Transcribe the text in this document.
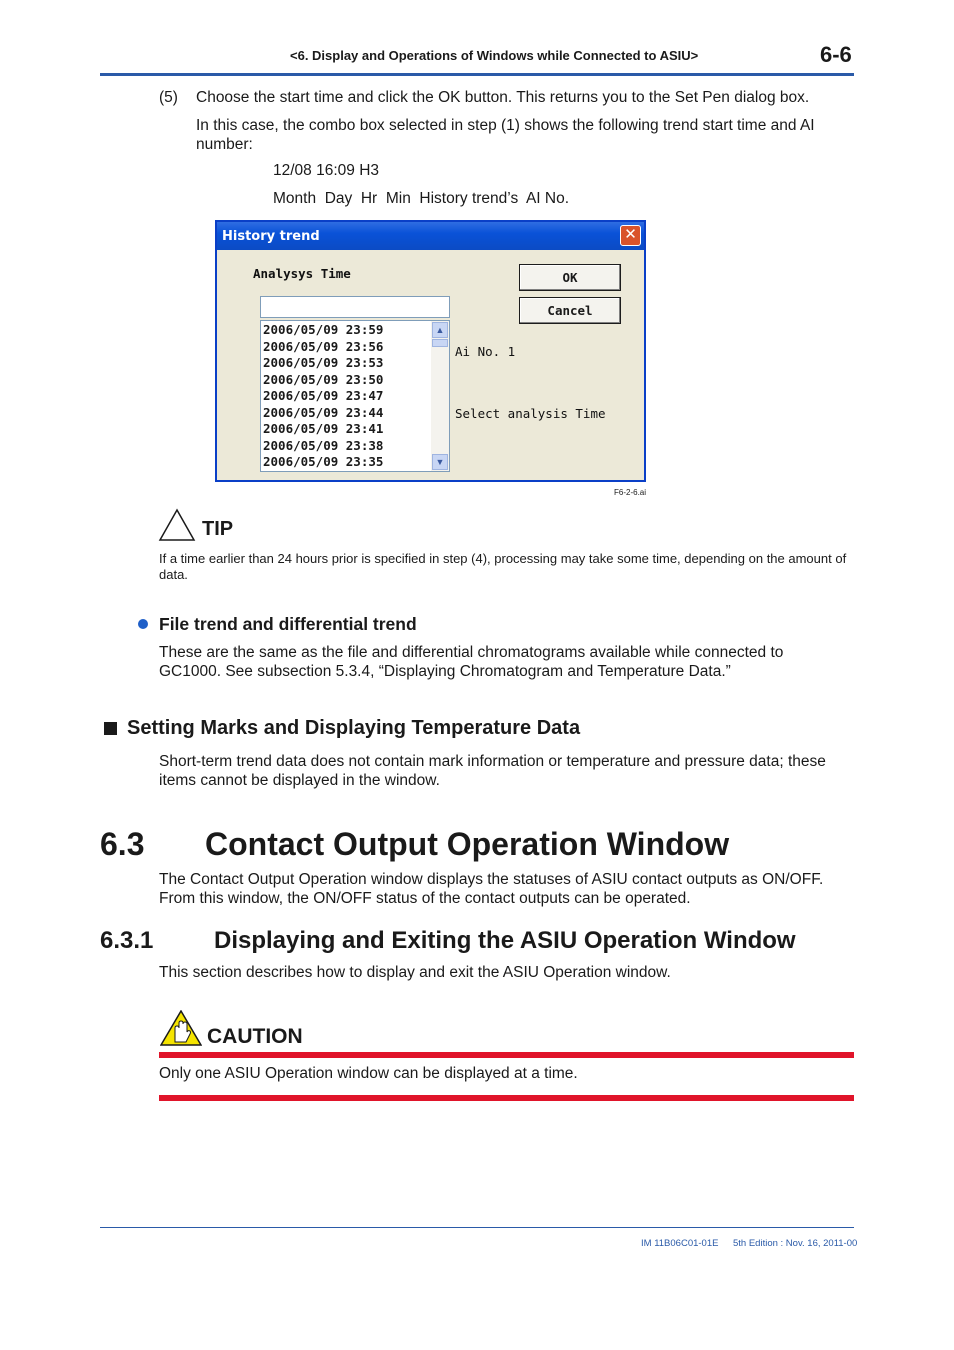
<6. Display and Operations of Windows while Connected to ASIU>	6-6
(5) Choose the start time and click the OK button. This returns you to the Set Pen dialog box.
In this case, the combo box selected in step (1) shows the following trend start time and AI number:
12/08 16:09 H3
Month  Day  Hr  Min  History trend’s  AI No.
History trend	✕
Analysys Time	OK
Cancel
2006/05/09 23:59
2006/05/09 23:56
2006/05/09 23:53
2006/05/09 23:50
2006/05/09 23:47
2006/05/09 23:44
2006/05/09 23:41
2006/05/09 23:38
2006/05/09 23:35
▲
▼
Ai No. 1
Select analysis Time
F6-2-6.ai
TIP
If a time earlier than 24 hours prior is specified in step (4), processing may take some time, depending on the amount of data.
File trend and differential trend
These are the same as the file and differential chromatograms available while connected to GC1000. See subsection 5.3.4, “Displaying Chromatogram and Temperature Data.”
Setting Marks and Displaying Temperature Data
Short-term trend data does not contain mark information or temperature and pressure data; these items cannot be displayed in the window.
6.3 Contact Output Operation Window
The Contact Output Operation window displays the statuses of ASIU contact outputs as ON/OFF. From this window, the ON/OFF status of the contact outputs can be operated.
6.3.1	Displaying and Exiting the ASIU Operation Window
This section describes how to display and exit the ASIU Operation window.
CAUTION
Only one ASIU Operation window can be displayed at a time.
IM 11B06C01-01E 5th Edition : Nov. 16, 2011-00
